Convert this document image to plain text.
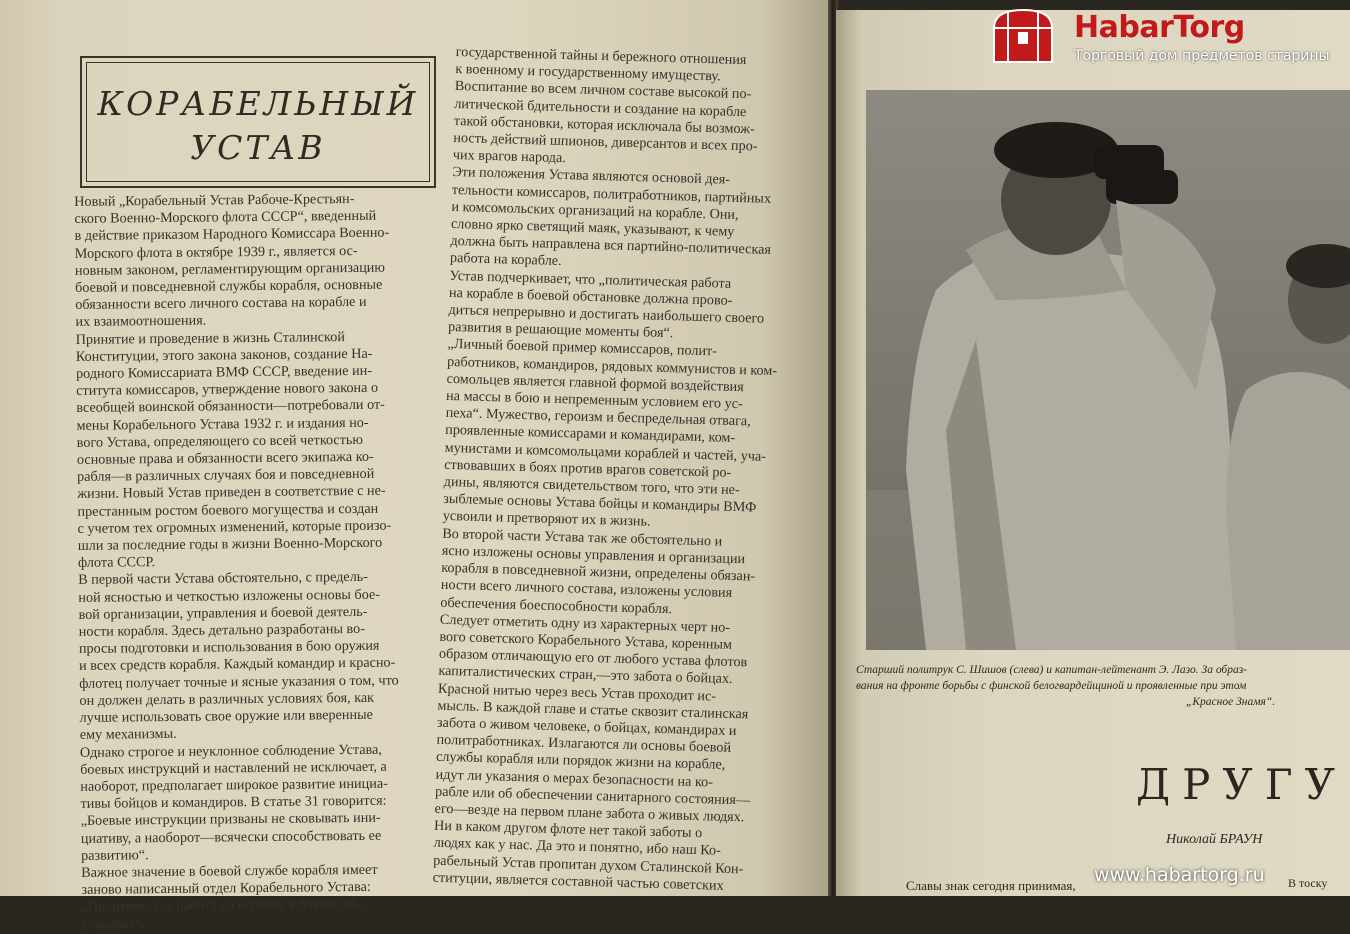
КОРАБЕЛЬНЫЙ
УСТАВ
Новый „Корабельный Устав Рабоче-Крестьян-
ского Военно-Морского флота СССР“, введенный
в действие приказом Народного Комиссара Военно-
Морского флота в октябре 1939 г., является ос-
новным законом, регламентирующим организацию
боевой и повседневной службы корабля, основные
обязанности всего личного состава на корабле и
их взаимоотношения.
Принятие и проведение в жизнь Сталинской
Конституции, этого закона законов, создание На-
родного Комиссариата ВМФ СССР, введение ин-
ститута комиссаров, утверждение нового закона о
всеобщей воинской обязанности—потребовали от-
мены Корабельного Устава 1932 г. и издания но-
вого Устава, определяющего со всей четкостью
основные права и обязанности всего экипажа ко-
рабля—в различных случаях боя и повседневной
жизни. Новый Устав приведен в соответствие с не-
престанным ростом боевого могущества и создан
с учетом тех огромных изменений, которые произо-
шли за последние годы в жизни Военно-Морского
флота СССР.
В первой части Устава обстоятельно, с предель-
ной ясностью и четкостью изложены основы бое-
вой организации, управления и боевой деятель-
ности корабля. Здесь детально разработаны во-
просы подготовки и использования в бою оружия
и всех средств корабля. Каждый командир и красно-
флотец получает точные и ясные указания о том, что
он должен делать в различных условиях боя, как
лучше использовать свое оружие или вверенные
ему механизмы.
Однако строгое и неуклонное соблюдение Устава,
боевых инструкций и наставлений не исключает, а
наоборот, предполагает широкое развитие инициа-
тивы бойцов и командиров. В статье 31 говорится:
„Боевые инструкции призваны не сковывать ини-
циативу, а наоборот—всячески способствовать ее
развитию“.
Важное значение в боевой службе корабля имеет
заново написанный отдел Корабельного Устава:
„Политическая работа на корабле в боевой об-
становке“.
государственной тайны и бережного отношения
к военному и государственному имуществу.
Воспитание во всем личном составе высокой по-
литической бдительности и создание на корабле
такой обстановки, которая исключала бы возмож-
ность действий шпионов, диверсантов и всех про-
чих врагов народа.
Эти положения Устава являются основой дея-
тельности комиссаров, политработников, партийных
и комсомольских организаций на корабле. Они,
словно ярко светящий маяк, указывают, к чему
должна быть направлена вся партийно-политическая
работа на корабле.
Устав подчеркивает, что „политическая работа
на корабле в боевой обстановке должна прово-
диться непрерывно и достигать наибольшего своего
развития в решающие моменты боя“.
„Личный боевой пример комиссаров, полит-
работников, командиров, рядовых коммунистов и ком-
сомольцев является главной формой воздействия
на массы в бою и непременным условием его ус-
пеха“. Мужество, героизм и беспредельная отвага,
проявленные комиссарами и командирами, ком-
мунистами и комсомольцами кораблей и частей, уча-
ствовавших в боях против врагов советской ро-
дины, являются свидетельством того, что эти не-
зыблемые основы Устава бойцы и командиры ВМФ
усвоили и претворяют их в жизнь.
Во второй части Устава так же обстоятельно и
ясно изложены основы управления и организации
корабля в повседневной жизни, определены обязан-
ности всего личного состава, изложены условия
обеспечения боеспособности корабля.
Следует отметить одну из характерных черт но-
вого советского Корабельного Устава, коренным
образом отличающую его от любого устава флотов
капиталистических стран,—это забота о бойцах.
Красной нитью через весь Устав проходит ис-
мысль. В каждой главе и статье сквозит сталинская
забота о живом человеке, о бойцах, командирах и
политработниках. Излагаются ли основы боевой
службы корабля или порядок жизни на корабле,
идут ли указания о мерах безопасности на ко-
рабле или об обеспечении санитарного состояния—
его—везде на первом плане забота о живых людях.
Ни в каком другом флоте нет такой заботы о
людях как у нас. Да это и понятно, ибо наш Ко-
рабельный Устав пропитан духом Сталинской Кон-
ституции, является составной частью советских
Старший политрук С. Шишов (слева) и капитан-лейтенант Э. Лазо. За образ-
вания на фронте борьбы с финской белогвардейщиной и проявленные при этом
„Красное Знамя“.
ДРУГУ
Николай БРАУН
Славы знак сегодня принимая,	В тоску
HabarTorg
Торговый дом предметов старины
www.habartorg.ru
